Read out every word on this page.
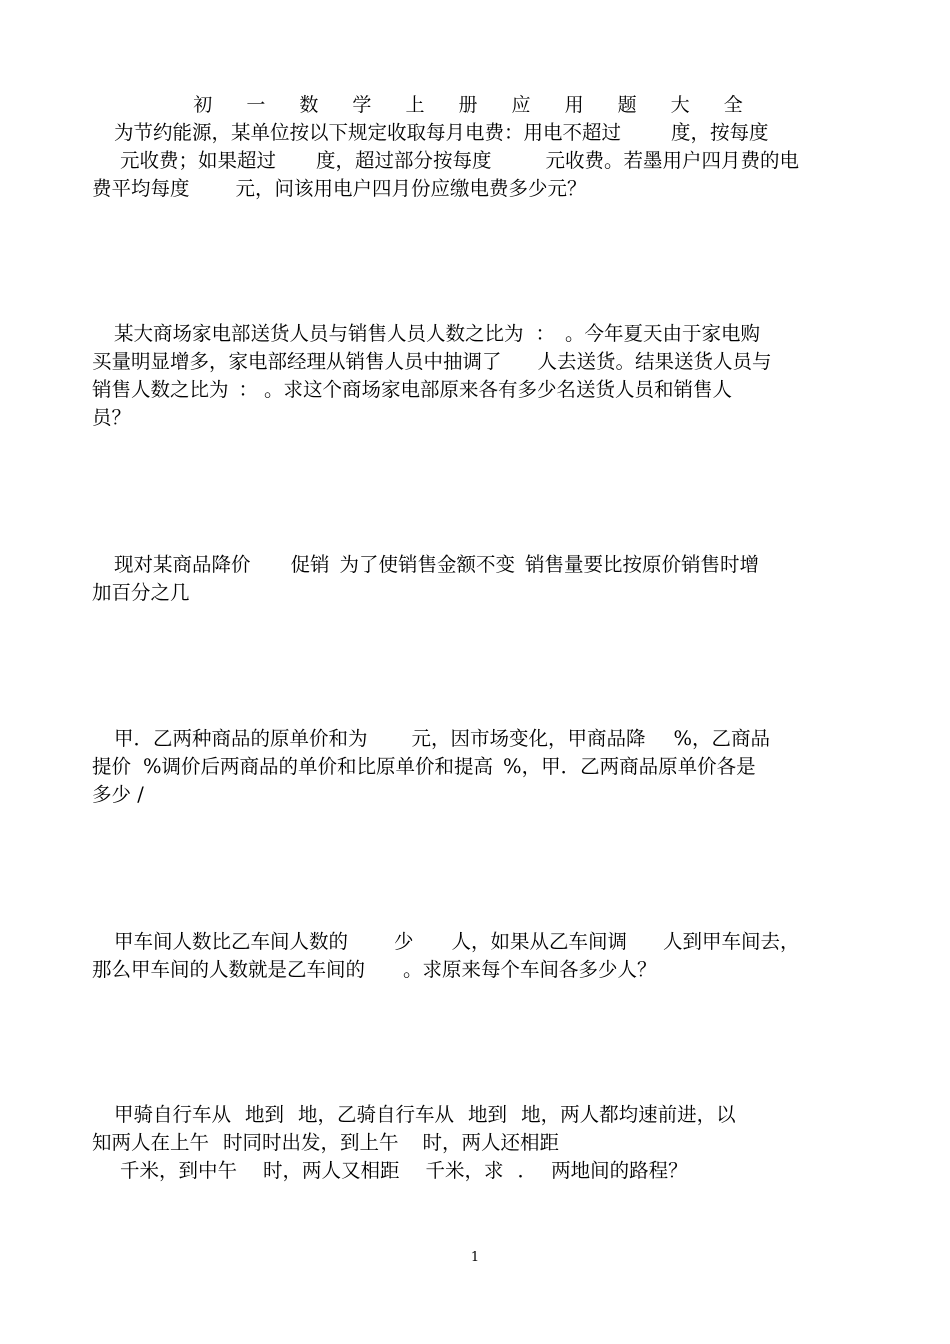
初 一 数 学 上 册 应 用 题 大 全

为节约能源，某单位按以下规定收取每月电费：用电不超过	度，按每度

元收费；如果超过 度，超过部分按每度	元收费。若墨用户四月费的电

费平均每度 元，问该用电户四月份应缴电费多少元？

某大商场家电部送货人员与销售人员人数之比为 ： 。今年夏天由于家电购

买量明显增多，家电部经理从销售人员中抽调了 人去送货。结果送货人员与

销售人数之比为 ： 。求这个商场家电部原来各有多少名送货人员和销售人

员？

现对某商品降价 促销 为了使销售金额不变 销售量要比按原价销售时增

加百分之几

甲．乙两种商品的原单价和为 元，因市场变化，甲商品降 %，乙商品

提价 %调价后两商品的单价和比原单价和提高 %，甲．乙两商品原单价各是

多少 /

甲车间人数比乙车间人数的 少 人，如果从乙车间调 人到甲车间去，

那么甲车间的人数就是乙车间的 。求原来每个车间各多少人？

甲骑自行车从 地到 地，乙骑自行车从 地到 地，两人都均速前进，以

知两人在上午 时同时出发，到上午 时，两人还相距

千米，到中午 时，两人又相距 千米，求 ． 两地间的路程？

1
